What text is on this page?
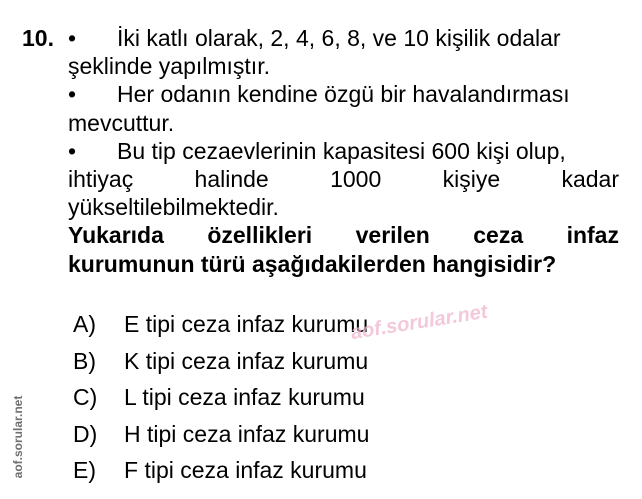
10. • İki katlı olarak, 2, 4, 6, 8, ve 10 kişilik odalar
şeklinde yapılmıştır.
• Her odanın kendine özgü bir havalandırması
mevcuttur.
• Bu tip cezaevlerinin kapasitesi 600 kişi olup,
ihtiyaç	halinde	1000	kişiye	kadar
yükseltilebilmektedir.
Yukarıda özellikleri verilen ceza infaz
kurumunun türü aşağıdakilerden hangisidir?
A)	E tipi ceza infaz kurumu
B)	K tipi ceza infaz kurumu
C)	L tipi ceza infaz kurumu
D)	H tipi ceza infaz kurumu
E)	F tipi ceza infaz kurumu
aof.sorular.net
aof.sorular.net
